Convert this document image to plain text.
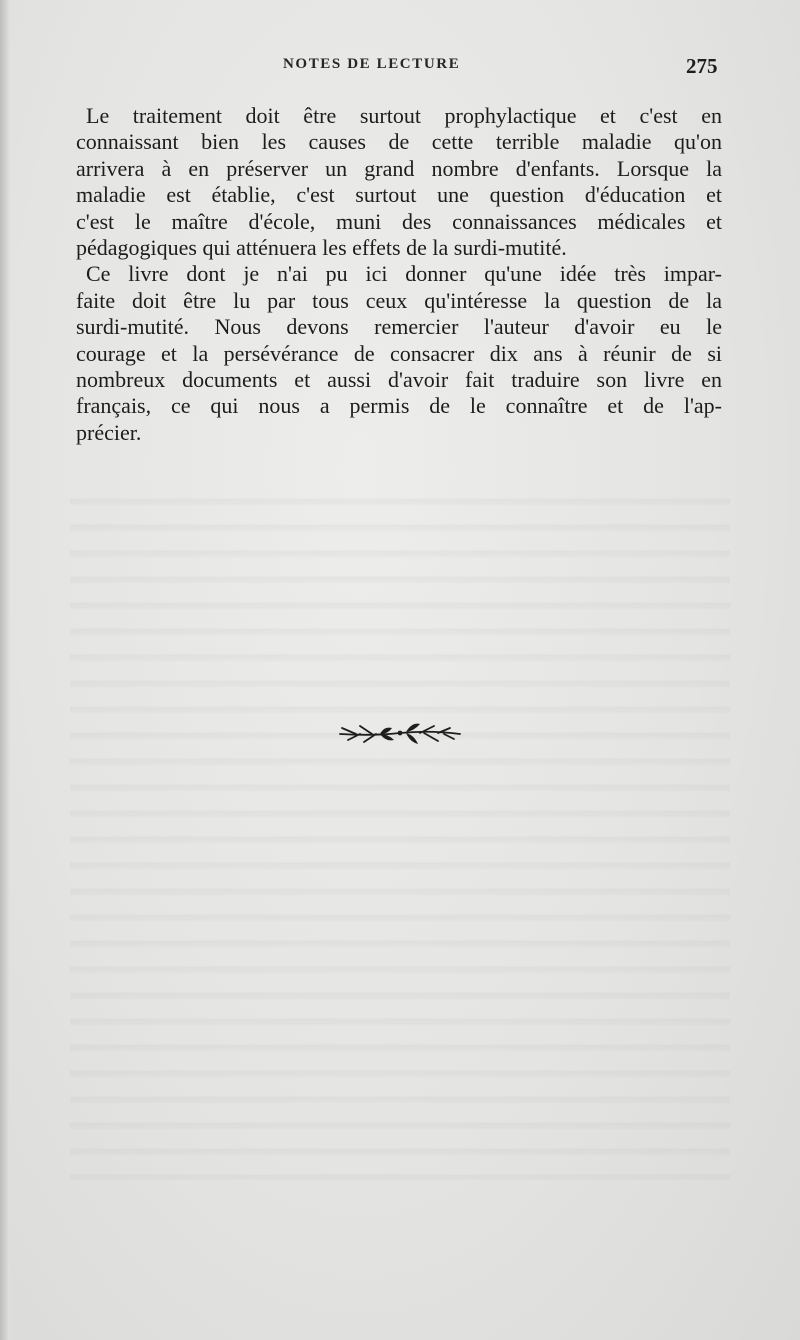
NOTES DE LECTURE	275
Le traitement doit être surtout prophylactique et c'est en
connaissant bien les causes de cette terrible maladie qu'on
arrivera à en préserver un grand nombre d'enfants. Lorsque la
maladie est établie, c'est surtout une question d'éducation et
c'est le maître d'école, muni des connaissances médicales et
pédagogiques qui atténuera les effets de la surdi-mutité.
Ce livre dont je n'ai pu ici donner qu'une idée très impar-
faite doit être lu par tous ceux qu'intéresse la question de la
surdi-mutité. Nous devons remercier l'auteur d'avoir eu le
courage et la persévérance de consacrer dix ans à réunir de si
nombreux documents et aussi d'avoir fait traduire son livre en
français, ce qui nous a permis de le connaître et de l'ap-
précier.
